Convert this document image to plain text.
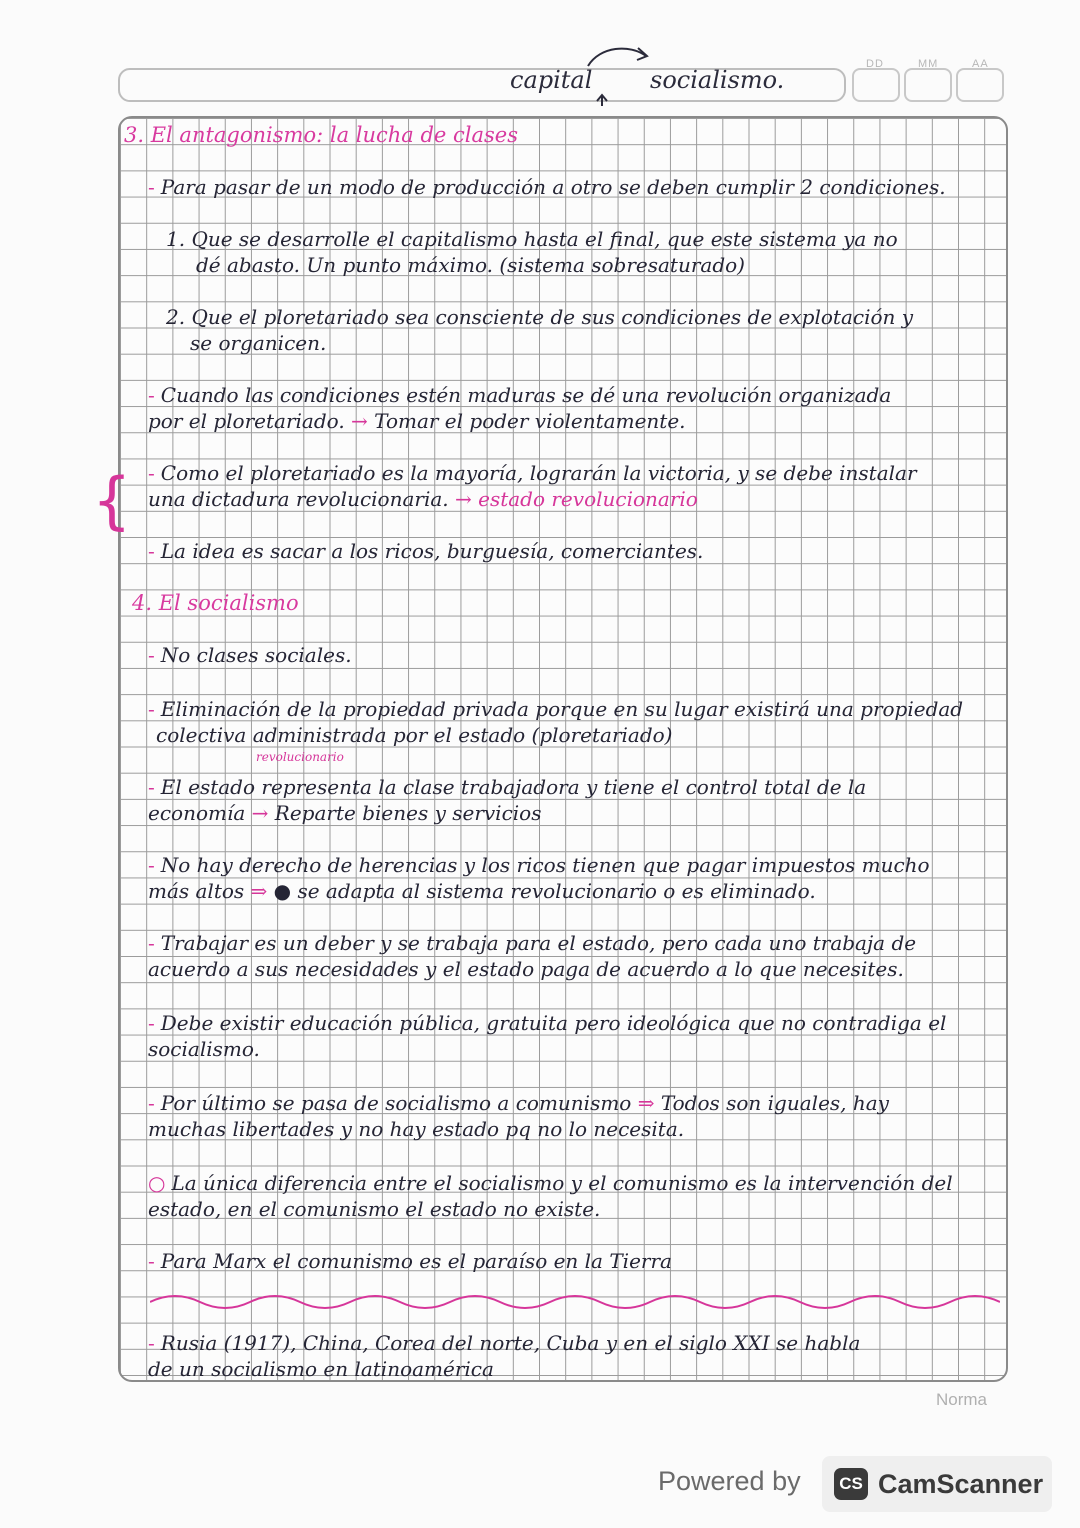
DD	MM	AA
capital socialismo.
{
3. El antagonismo: la lucha de clases
- Para pasar de un modo de producción a otro se deben cumplir 2 condiciones.
1. Que se desarrolle el capitalismo hasta el final, que este sistema ya no
dé abasto. Un punto máximo. (sistema sobresaturado)
2. Que el ploretariado sea consciente de sus condiciones de explotación y
se organicen.
- Cuando las condiciones estén maduras se dé una revolución organizada
por el ploretariado. → Tomar el poder violentamente.
- Como el ploretariado es la mayoría, lograrán la victoria, y se debe instalar
una dictadura revolucionaria. → estado revolucionario
- La idea es sacar a los ricos, burguesía, comerciantes.
4. El socialismo
- No clases sociales.
- Eliminación de la propiedad privada porque en su lugar existirá una propiedad
colectiva administrada por el estado (ploretariado)
revolucionario
- El estado representa la clase trabajadora y tiene el control total de la
economía → Reparte bienes y servicios
- No hay derecho de herencias y los ricos tienen que pagar impuestos mucho
más altos ⇒ ● se adapta al sistema revolucionario o es eliminado.
- Trabajar es un deber y se trabaja para el estado, pero cada uno trabaja de
acuerdo a sus necesidades y el estado paga de acuerdo a lo que necesites.
- Debe existir educación pública, gratuita pero ideológica que no contradiga el
socialismo.
- Por último se pasa de socialismo a comunismo ⇒ Todos son iguales, hay
muchas libertades y no hay estado pq no lo necesita.
○ La única diferencia entre el socialismo y el comunismo es la intervención del
estado, en el comunismo el estado no existe.
- Para Marx el comunismo es el paraíso en la Tierra
- Rusia (1917), China, Corea del norte, Cuba y en el siglo XXI se habla
de un socialismo en latinoamérica
Norma
Powered by	CS CamScanner
